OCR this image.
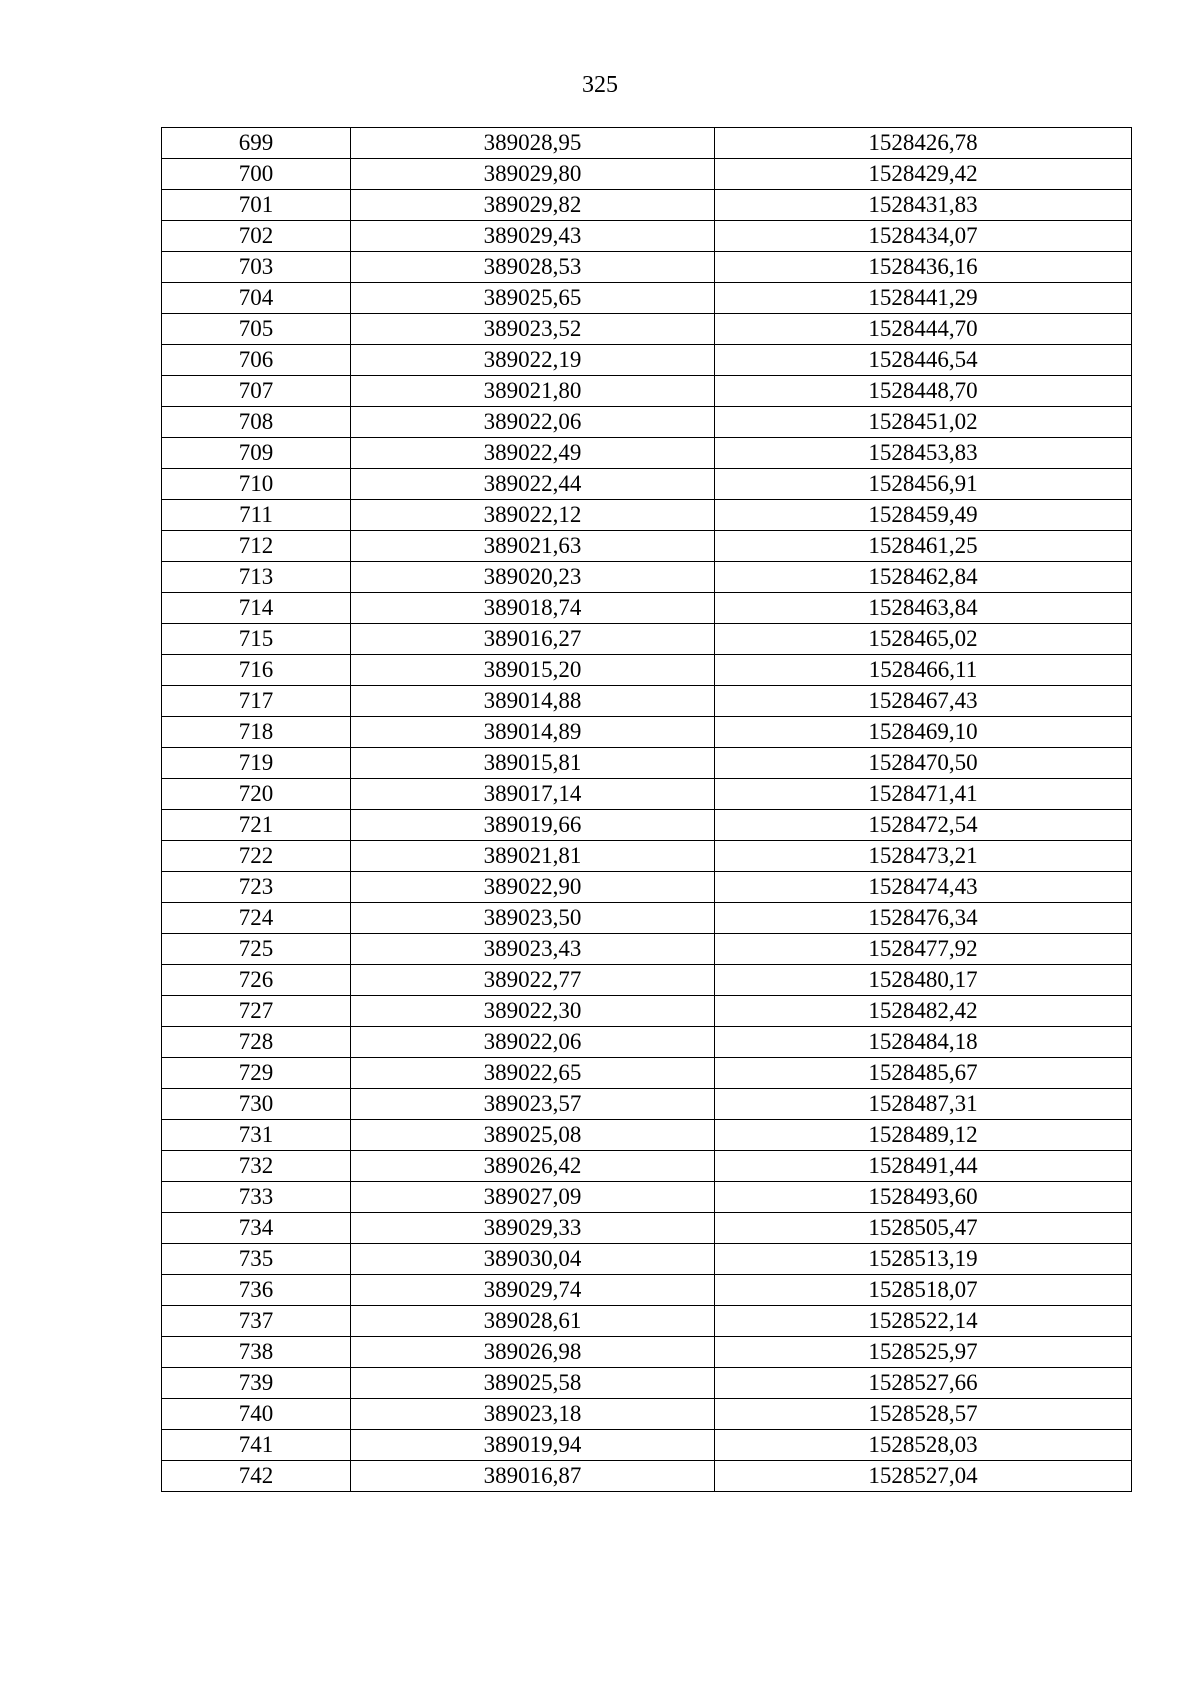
325
699	389028,95	1528426,78
700	389029,80	1528429,42
701	389029,82	1528431,83
702	389029,43	1528434,07
703	389028,53	1528436,16
704	389025,65	1528441,29
705	389023,52	1528444,70
706	389022,19	1528446,54
707	389021,80	1528448,70
708	389022,06	1528451,02
709	389022,49	1528453,83
710	389022,44	1528456,91
711	389022,12	1528459,49
712	389021,63	1528461,25
713	389020,23	1528462,84
714	389018,74	1528463,84
715	389016,27	1528465,02
716	389015,20	1528466,11
717	389014,88	1528467,43
718	389014,89	1528469,10
719	389015,81	1528470,50
720	389017,14	1528471,41
721	389019,66	1528472,54
722	389021,81	1528473,21
723	389022,90	1528474,43
724	389023,50	1528476,34
725	389023,43	1528477,92
726	389022,77	1528480,17
727	389022,30	1528482,42
728	389022,06	1528484,18
729	389022,65	1528485,67
730	389023,57	1528487,31
731	389025,08	1528489,12
732	389026,42	1528491,44
733	389027,09	1528493,60
734	389029,33	1528505,47
735	389030,04	1528513,19
736	389029,74	1528518,07
737	389028,61	1528522,14
738	389026,98	1528525,97
739	389025,58	1528527,66
740	389023,18	1528528,57
741	389019,94	1528528,03
742	389016,87	1528527,04
